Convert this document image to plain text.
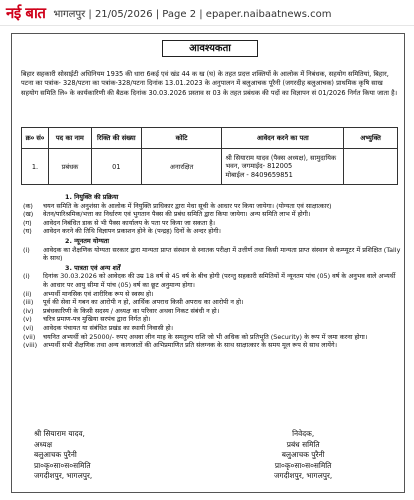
नई बात भागलपुर | 21/05/2026 | Page 2 | epaper.naibaatnews.com
आवश्यकता
बिहार सहकारी सोसाईटी अधिनियम 1935 की धारा 6कई एवं खंड 44 क ख (घ) के तहत प्रदत्त शक्तियों के आलोक में निबंधक, सहयोग समितियां, बिहार, पटना का पत्रांक- 328/पटना का पत्रांक-328/पटना दिनांक 13.01.2023 के अनुपालन में बलुआचक पूरैनी (जगरदीह बलुआचक) प्राथमिक कृषि साख सहयोग समिति लि० के कार्यकारिणी की बैठक दिनांक 30.03.2026 प्रस्ताव स 03 के तहत प्रबंधक की पदों का विज्ञापन सं 01/2026 निर्गत किया जाता है।
क्र० सं०	पद का नाम	रिक्ति की संख्या	कोटि	आवेदन करने का पता	अभ्युक्ति
1.	प्रबंधक	01	अनारक्षित	श्री सियाराम यादव (पैक्स अध्यक्ष), सामुदायिक
भवन, जगमाईद- 812005
मोबाईल - 8409659851	

1. नियुक्ति की प्रक्रिया
(क)	चयन समिति के अनुशंसा के आलोक में नियुक्ति प्राधिकार द्वारा मेधा सूची के आधार पर किया जायेगा। (योग्यता एवं साक्षात्कार)
(ख)	वेतन/पारिश्रमिक/भत्ता का निर्धारण एवं भुगतान पैक्स की प्रबंध समिति द्वारा किया जायेगा। अन्य समिति लाभ में होगी।
(ग)	आवेदन निबंधित डाक से भी पैक्स कार्यालय के पता पर किया जा सकता है।
(घ)	आवेदन करने की तिथि विज्ञापन प्रकाशन होने के (पन्द्रह) दिनों के अन्दर होगी।
2. न्यूनतम योग्यता
(i)	आवेदक का शैक्षणिक योग्यता सरकार द्वारा मान्यता प्राप्त संस्थान से स्नातक परीक्षा में उत्तीर्ण तथा किसी मान्यता प्राप्त संस्थान से कम्प्यूटर में प्रशिक्षित (Tally के साथ)
3. पात्रता एवं अन्य शर्तें
(i)	दिनांक 30.03.2026 को आवेदक की उम्र 18 वर्ष से 45 वर्ष के बीच होगी (परन्तु सहकारी समितियों में न्यूनतम पांच (05) वर्ष के अनुभव वाले अभ्यर्थी के आधार पर आयु सीमा में पांच (05) वर्ष का छूट अनुमान्य होगा।
(ii)	अभ्यर्थी मानसिक एवं शारीरिक रूप से स्वस्थ हो।
(iii)	पूर्व की सेवा में गबन का आरोपी न हो, आर्थिक अपराध किसी अपराध का आरोपी न हो।
(iv)	प्रबंधकारिणी के किसी सदस्य / अध्यक्ष का परिवार अथवा निकट संबंधी न हो।
(v)	चरित्र प्रमाण-पत्र मुखिया सरपंच द्वारा निर्गत हो।
(vi)	आवेदक पंचायत या संबंधित प्रखंड का स्थायी निवासी हो।
(vii)	चयनित अभ्यर्थी को 25000/- रुपए अथवा लीन माह के समतुल्य राशि जो भी अधिक को प्रतिभूति (Security) के रूप में जमा करना होगा।
(viii) अभ्यर्थी सभी शैक्षणिक तथा अन्य कागजातों की अभिप्रमाणित प्रति संलग्नक के साथ साक्षात्कार के समय मूल रूप से साथ लायेंगे।
श्री सियाराम यादव,
अध्यक्ष
बलुआचक पुरैनी
प्रा०कृ०सा०स०समिति
जगदीशपुर, भागलपुर,
निवेदक,
प्रबंध समिति
बलुआचक पुरैनी
प्रा०कृ०सा०स०समिति
जगदीशपुर, भागलपुर,
